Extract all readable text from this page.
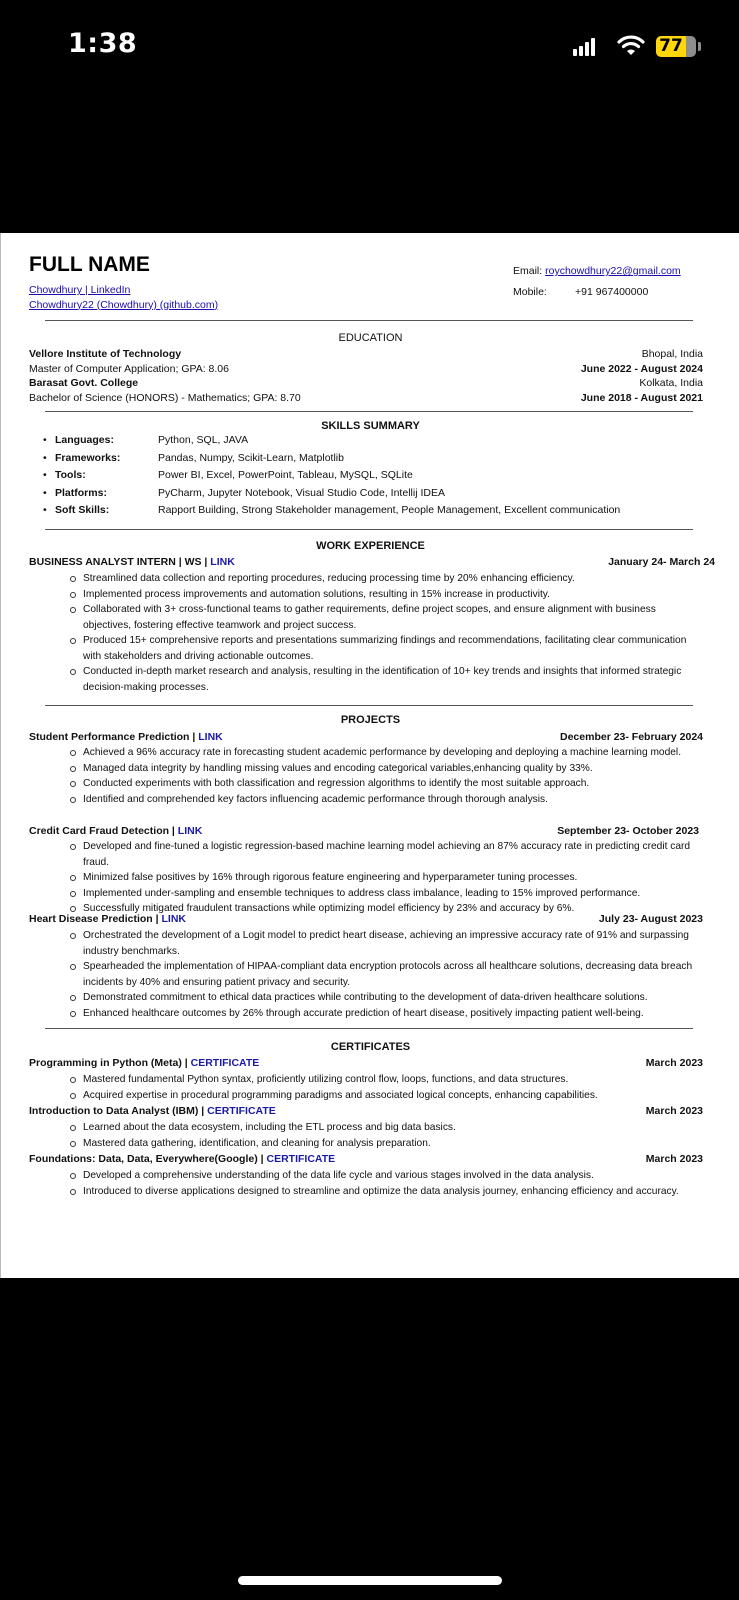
1:38	77
FULL NAME
Chowdhury | LinkedIn
Chowdhury22 (Chowdhury) (github.com)
Email: roychowdhury22@gmail.com
Mobile:	+91 967400000
EDUCATION
Vellore Institute of Technology	Bhopal, India
Master of Computer Application; GPA: 8.06	June 2022 - August 2024
Barasat Govt. College	Kolkata, India
Bachelor of Science (HONORS) - Mathematics; GPA: 8.70	June 2018 - August 2021
SKILLS SUMMARY
• Languages:	Python, SQL, JAVA
• Frameworks:	Pandas, Numpy, Scikit-Learn, Matplotlib
• Tools:	Power BI, Excel, PowerPoint, Tableau, MySQL, SQLite
• Platforms:	PyCharm, Jupyter Notebook, Visual Studio Code, Intellij IDEA
• Soft Skills:	Rapport Building, Strong Stakeholder management, People Management, Excellent communication
WORK EXPERIENCE
BUSINESS ANALYST INTERN | WS | LINK	January 24- March 24
Streamlined data collection and reporting procedures, reducing processing time by 20% enhancing efficiency.
Implemented process improvements and automation solutions, resulting in 15% increase in productivity.
Collaborated with 3+ cross-functional teams to gather requirements, define project scopes, and ensure alignment with business objectives, fostering effective teamwork and project success.
Produced 15+ comprehensive reports and presentations summarizing findings and recommendations, facilitating clear communication with stakeholders and driving actionable outcomes.
Conducted in-depth market research and analysis, resulting in the identification of 10+ key trends and insights that informed strategic decision-making processes.
PROJECTS
Student Performance Prediction | LINK	December 23- February 2024
Achieved a 96% accuracy rate in forecasting student academic performance by developing and deploying a machine learning model.
Managed data integrity by handling missing values and encoding categorical variables,enhancing quality by 33%.
Conducted experiments with both classification and regression algorithms to identify the most suitable approach.
Identified and comprehended key factors influencing academic performance through thorough analysis.
Credit Card Fraud Detection | LINK	September 23- October 2023
Developed and fine-tuned a logistic regression-based machine learning model achieving an 87% accuracy rate in predicting credit card fraud.
Minimized false positives by 16% through rigorous feature engineering and hyperparameter tuning processes.
Implemented under-sampling and ensemble techniques to address class imbalance, leading to 15% improved performance.
Successfully mitigated fraudulent transactions while optimizing model efficiency by 23% and accuracy by 6%.
Heart Disease Prediction | LINK	July 23- August 2023
Orchestrated the development of a Logit model to predict heart disease, achieving an impressive accuracy rate of 91% and surpassing industry benchmarks.
Spearheaded the implementation of HIPAA-compliant data encryption protocols across all healthcare solutions, decreasing data breach incidents by 40% and ensuring patient privacy and security.
Demonstrated commitment to ethical data practices while contributing to the development of data-driven healthcare solutions.
Enhanced healthcare outcomes by 26% through accurate prediction of heart disease, positively impacting patient well-being.
CERTIFICATES
Programming in Python (Meta) | CERTIFICATE	March 2023
Mastered fundamental Python syntax, proficiently utilizing control flow, loops, functions, and data structures.
Acquired expertise in procedural programming paradigms and associated logical concepts, enhancing capabilities.
Introduction to Data Analyst (IBM) | CERTIFICATE	March 2023
Learned about the data ecosystem, including the ETL process and big data basics.
Mastered data gathering, identification, and cleaning for analysis preparation.
Foundations: Data, Data, Everywhere(Google) | CERTIFICATE	March 2023
Developed a comprehensive understanding of the data life cycle and various stages involved in the data analysis.
Introduced to diverse applications designed to streamline and optimize the data analysis journey, enhancing efficiency and accuracy.
